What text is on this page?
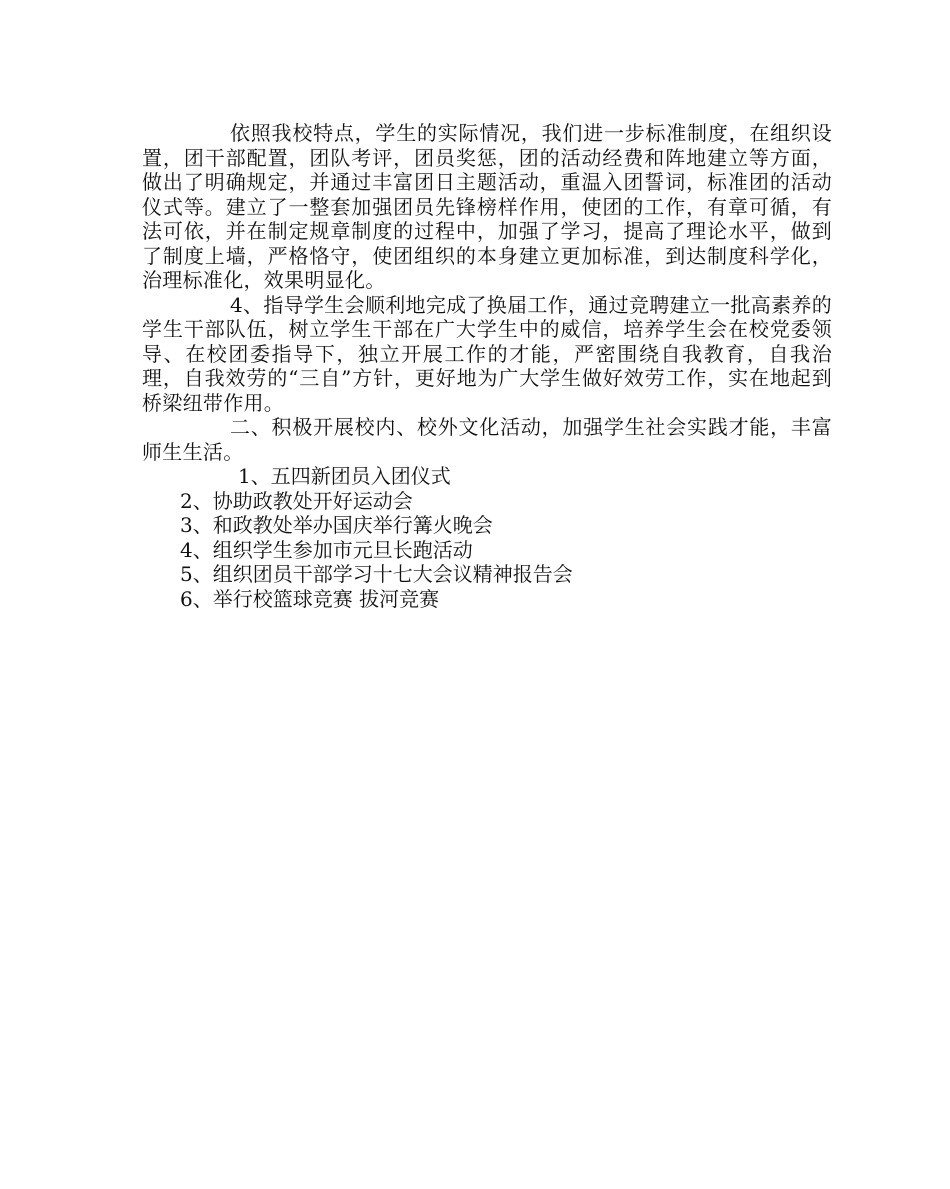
依照我校特点，学生的实际情况，我们进一步标准制度，在组织设置，团干部配置，团队考评，团员奖惩，团的活动经费和阵地建立等方面，做出了明确规定，并通过丰富团日主题活动，重温入团誓词，标准团的活动仪式等。建立了一整套加强团员先锋榜样作用，使团的工作，有章可循，有法可依，并在制定规章制度的过程中，加强了学习，提高了理论水平，做到了制度上墙，严格恪守，使团组织的本身建立更加标准，到达制度科学化，治理标准化，效果明显化。

4、指导学生会顺利地完成了换届工作，通过竞聘建立一批高素养的学生干部队伍，树立学生干部在广大学生中的威信，培养学生会在校党委领导、在校团委指导下，独立开展工作的才能，严密围绕自我教育，自我治理，自我效劳的“三自”方针，更好地为广大学生做好效劳工作，实在地起到桥梁纽带作用。

二、积极开展校内、校外文化活动，加强学生社会实践才能，丰富师生生活。

1、五四新团员入团仪式
2、协助政教处开好运动会
3、和政教处举办国庆举行篝火晚会
4、组织学生参加市元旦长跑活动
5、组织团员干部学习十七大会议精神报告会
6、举行校篮球竞赛 拔河竞赛
